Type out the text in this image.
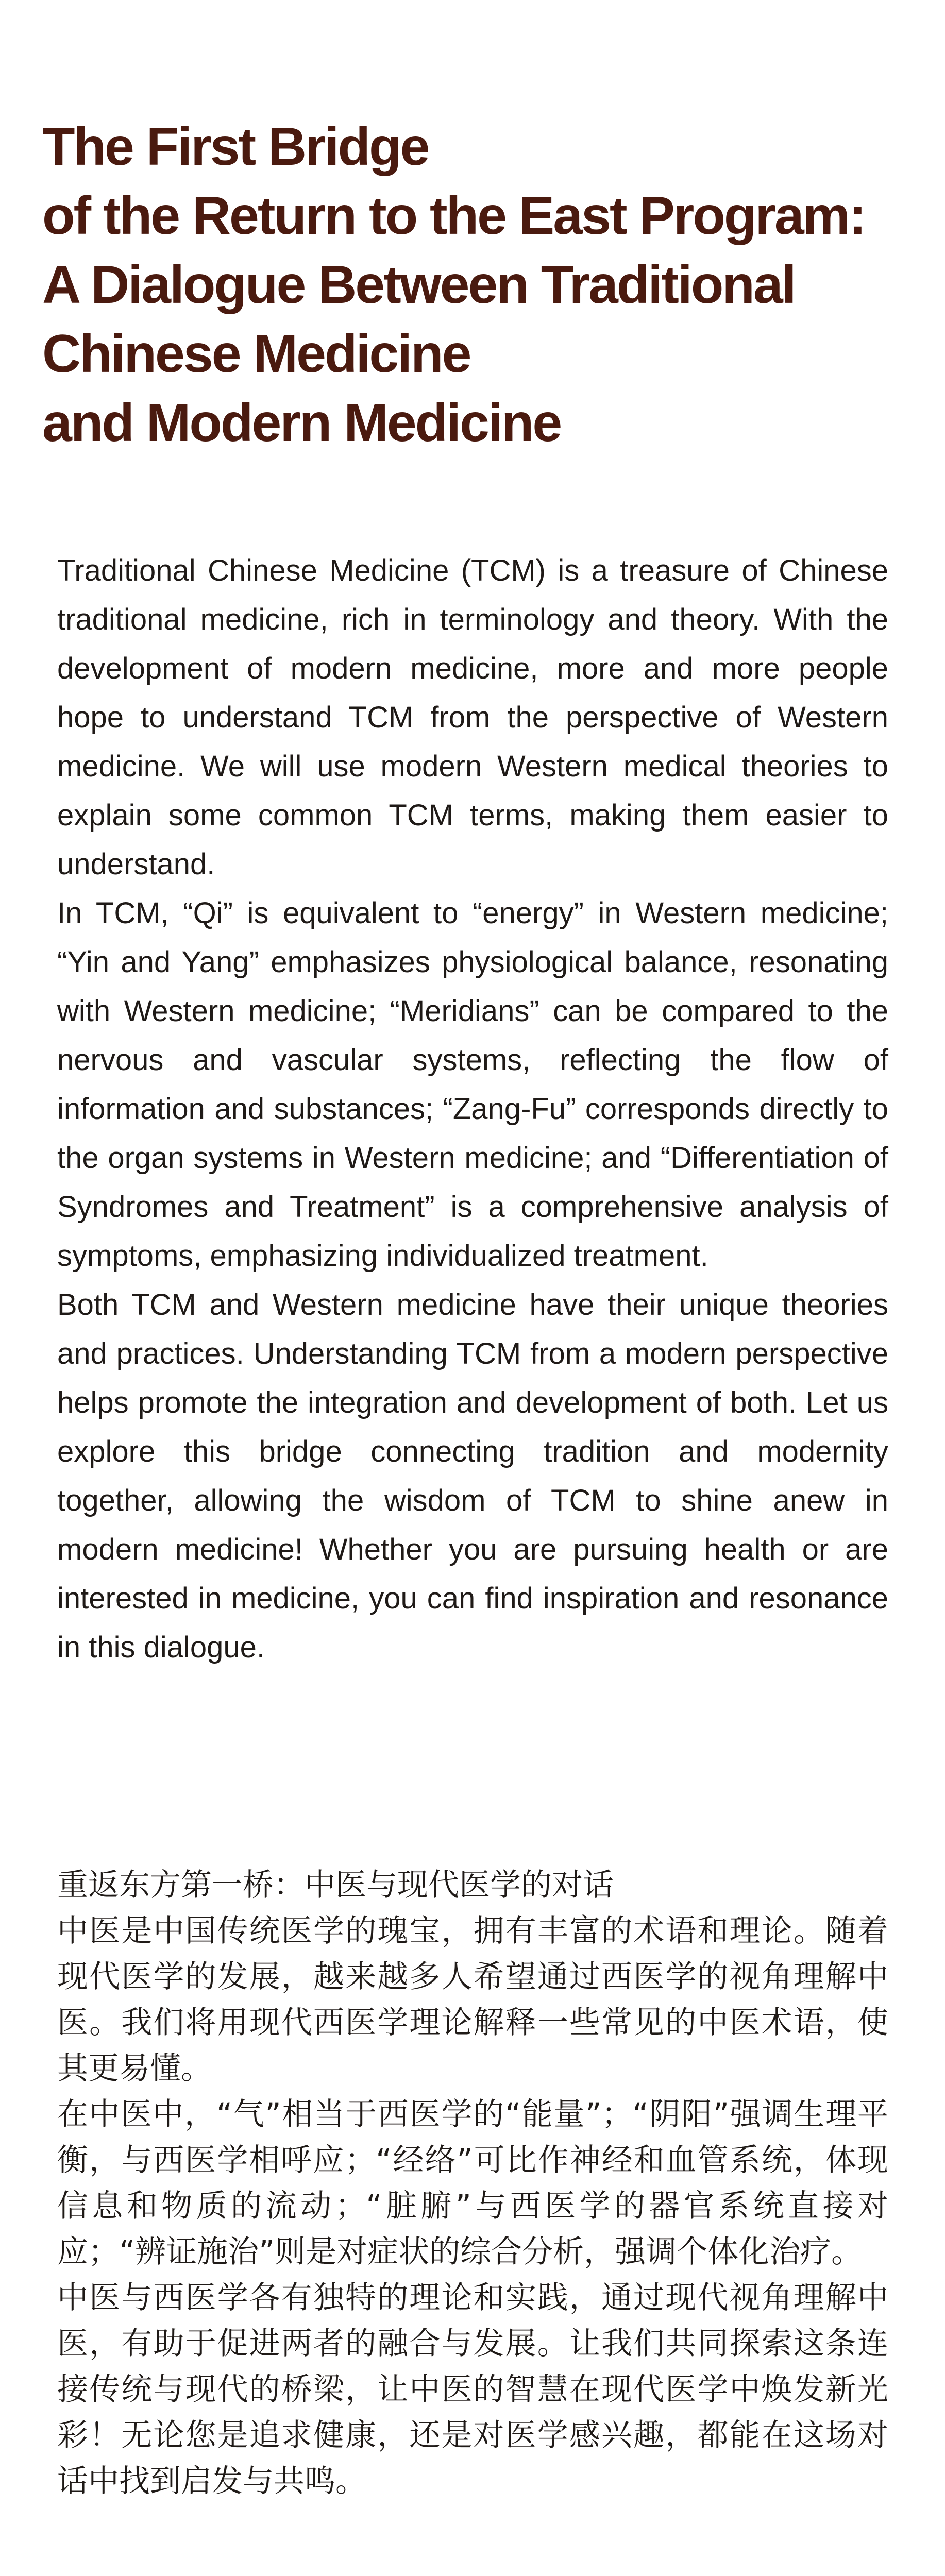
The First Bridge
of the Return to the East Program:
A Dialogue Between Traditional
Chinese Medicine
and Modern Medicine

Traditional Chinese Medicine (TCM) is a treasure of Chinese traditional medicine, rich in terminology and theory. With the development of modern medicine, more and more people hope to understand TCM from the perspective of Western medicine. We will use modern Western medical theories to explain some common TCM terms, making them easier to understand.

In TCM, “Qi” is equivalent to “energy” in Western medicine; “Yin and Yang” emphasizes physiological balance, resonating with Western medicine; “Meridians” can be compared to the nervous and vascular systems, reflecting the flow of information and substances; “Zang-Fu” corresponds directly to the organ systems in Western medicine; and “Differentiation of Syndromes and Treatment” is a comprehensive analysis of symptoms, emphasizing individualized treatment.

Both TCM and Western medicine have their unique theories and practices. Understanding TCM from a modern perspective helps promote the integration and development of both. Let us explore this bridge connecting tradition and modernity together, allowing the wisdom of TCM to shine anew in modern medicine! Whether you are pursuing health or are interested in medicine, you can find inspiration and resonance in this dialogue.

重返东方第一桥：中医与现代医学的对话

中医是中国传统医学的瑰宝，拥有丰富的术语和理论。随着现代医学的发展，越来越多人希望通过西医学的视角理解中医。我们将用现代西医学理论解释一些常见的中医术语，使其更易懂。

在中医中，“气”相当于西医学的“能量”；“阴阳”强调生理平衡，与西医学相呼应；“经络”可比作神经和血管系统，体现信息和物质的流动；“脏腑”与西医学的器官系统直接对应；“辨证施治”则是对症状的综合分析，强调个体化治疗。

中医与西医学各有独特的理论和实践，通过现代视角理解中医，有助于促进两者的融合与发展。让我们共同探索这条连接传统与现代的桥梁，让中医的智慧在现代医学中焕发新光彩！无论您是追求健康，还是对医学感兴趣，都能在这场对话中找到启发与共鸣。
